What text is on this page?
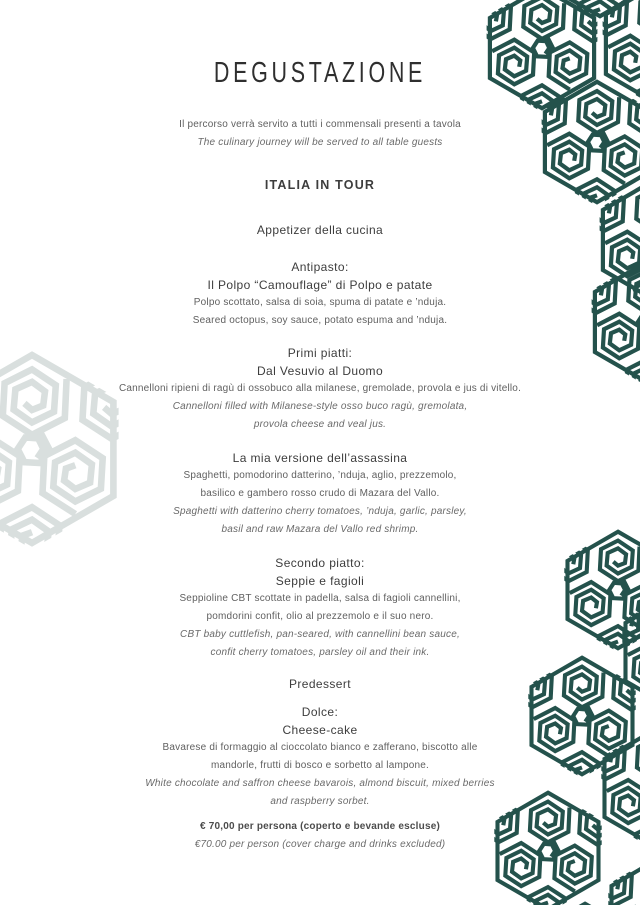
DEGUSTAZIONE

Il percorso verrà servito a tutti i commensali presenti a tavola

The culinary journey will be served to all table guests

ITALIA IN TOUR

Appetizer della cucina

Antipasto:

Il Polpo “Camouflage” di Polpo e patate

Polpo scottato, salsa di soia, spuma di patate e ’nduja.

Seared octopus, soy sauce, potato espuma and ’nduja.

Primi piatti:

Dal Vesuvio al Duomo

Cannelloni ripieni di ragù di ossobuco alla milanese, gremolade, provola e jus di vitello.

Cannelloni filled with Milanese-style osso buco ragù, gremolata,

provola cheese and veal jus.

La mia versione dell’assassina

Spaghetti, pomodorino datterino, ’nduja, aglio, prezzemolo,

basilico e gambero rosso crudo di Mazara del Vallo.

Spaghetti with datterino cherry tomatoes, ’nduja, garlic, parsley,

basil and raw Mazara del Vallo red shrimp.

Secondo piatto:

Seppie e fagioli

Seppioline CBT scottate in padella, salsa di fagioli cannellini,

pomdorini confit, olio al prezzemolo e il suo nero.

CBT baby cuttlefish, pan-seared, with cannellini bean sauce,

confit cherry tomatoes, parsley oil and their ink.

Predessert

Dolce:

Cheese-cake

Bavarese di formaggio al cioccolato bianco e zafferano, biscotto alle

mandorle, frutti di bosco e sorbetto al lampone.

White chocolate and saffron cheese bavarois, almond biscuit, mixed berries

and raspberry sorbet.

€ 70,00 per persona (coperto e bevande escluse)

€70.00 per person (cover charge and drinks excluded)
